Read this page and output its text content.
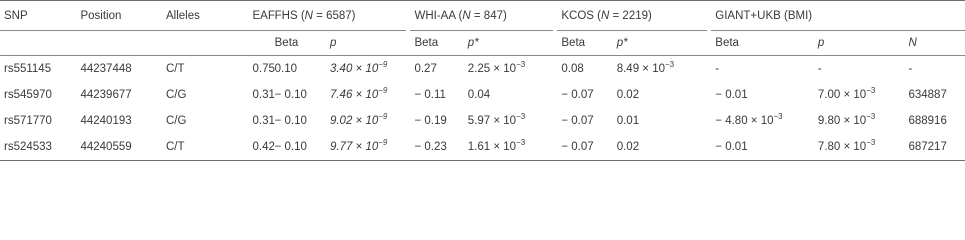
SNP	Position	Alleles	EAF	FHS (N = 6587)			WHI-AA (N = 847)			KCOS (N = 2219)			GIANT+UKB (BMI)		
				Beta	p		Beta	p*		Beta	p*		Beta	p	N
rs551145	44237448	C/T	0.75	0.10	$3.40 \times 10^{-9}$		0.27	$2.25 \times 10^{-3}$		0.08	$8.49 \times 10^{-3}$		-	-	-
rs545970	44239677	C/G	0.31	− 0.10	$7.46 \times 10^{-9}$		− 0.11	0.04		− 0.07	0.02		− 0.01	$7.00 \times 10^{-3}$	634887
rs571770	44240193	C/G	0.31	− 0.10	$9.02 \times 10^{-9}$		− 0.19	$5.97 \times 10^{-3}$		− 0.07	0.01		− $4.80 \times 10^{-3}$	$9.80 \times 10^{-3}$	688916
rs524533	44240559	C/T	0.42	− 0.10	$9.77 \times 10^{-9}$		− 0.23	$1.61 \times 10^{-3}$		− 0.07	0.02		− 0.01	$7.80 \times 10^{-3}$	687217
